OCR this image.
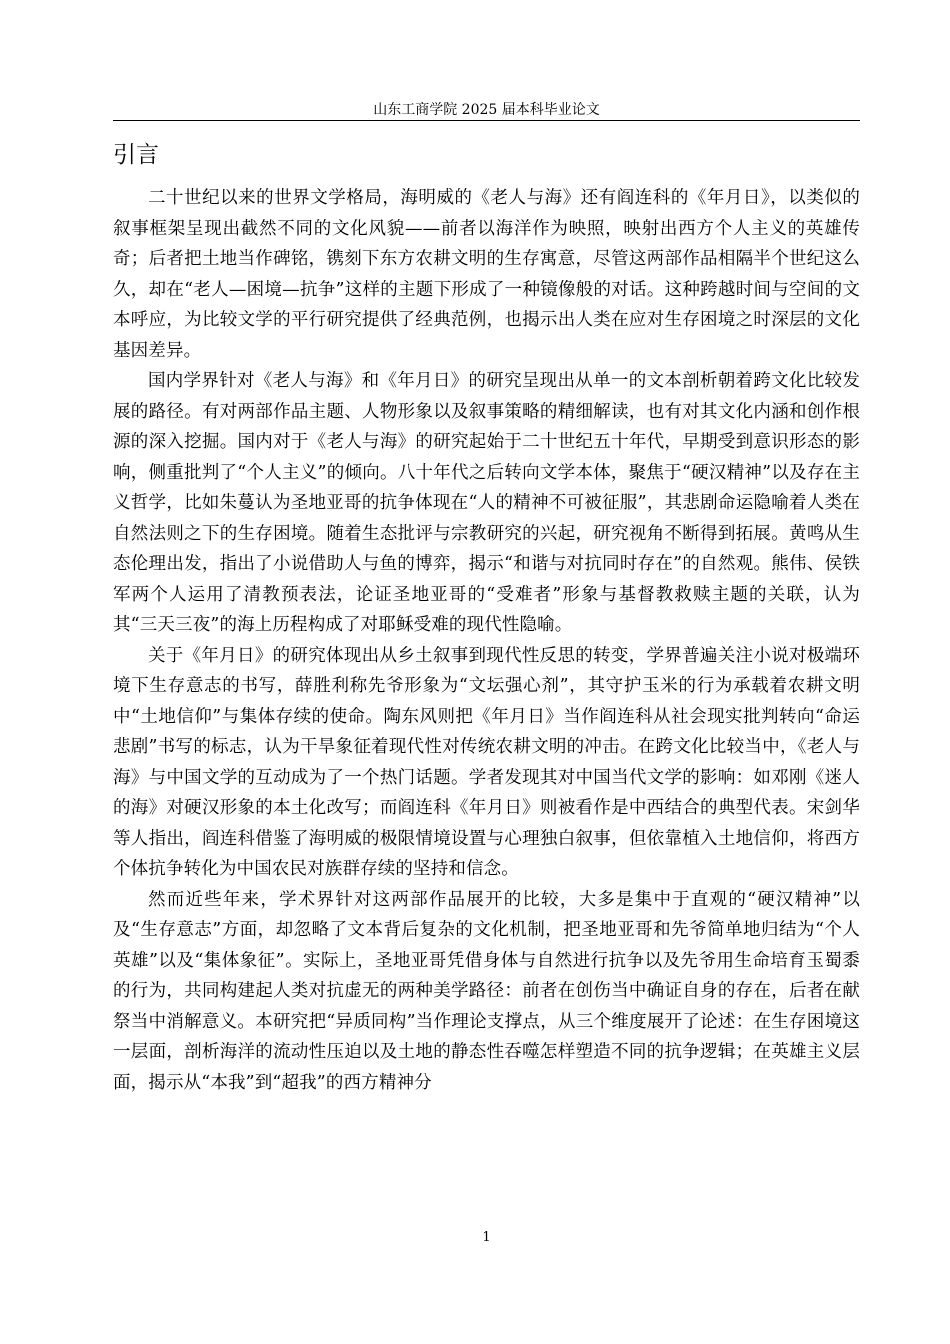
山东工商学院 2025 届本科毕业论文
引言

二十世纪以来的世界文学格局，海明威的《老人与海》还有阎连科的《年月日》，以类似的叙事框架呈现出截然不同的文化风貌——前者以海洋作为映照，映射出西方个人主义的英雄传奇；后者把土地当作碑铭，镌刻下东方农耕文明的生存寓意，尽管这两部作品相隔半个世纪这么久，却在“老人—困境—抗争”这样的主题下形成了一种镜像般的对话。这种跨越时间与空间的文本呼应，为比较文学的平行研究提供了经典范例，也揭示出人类在应对生存困境之时深层的文化基因差异。

国内学界针对《老人与海》和《年月日》的研究呈现出从单一的文本剖析朝着跨文化比较发展的路径。有对两部作品主题、人物形象以及叙事策略的精细解读，也有对其文化内涵和创作根源的深入挖掘。国内对于《老人与海》的研究起始于二十世纪五十年代，早期受到意识形态的影响，侧重批判了“个人主义”的倾向。八十年代之后转向文学本体，聚焦于“硬汉精神”以及存在主义哲学，比如朱蔓认为圣地亚哥的抗争体现在“人的精神不可被征服”，其悲剧命运隐喻着人类在自然法则之下的生存困境。随着生态批评与宗教研究的兴起，研究视角不断得到拓展。黄鸣从生态伦理出发，指出了小说借助人与鱼的博弈，揭示“和谐与对抗同时存在”的自然观。熊伟、侯铁军两个人运用了清教预表法，论证圣地亚哥的“受难者”形象与基督教救赎主题的关联，认为其“三天三夜”的海上历程构成了对耶稣受难的现代性隐喻。

关于《年月日》的研究体现出从乡土叙事到现代性反思的转变，学界普遍关注小说对极端环境下生存意志的书写，薛胜利称先爷形象为“文坛强心剂”，其守护玉米的行为承载着农耕文明中“土地信仰”与集体存续的使命。陶东风则把《年月日》当作阎连科从社会现实批判转向“命运悲剧”书写的标志，认为干旱象征着现代性对传统农耕文明的冲击。在跨文化比较当中，《老人与海》与中国文学的互动成为了一个热门话题。学者发现其对中国当代文学的影响：如邓刚《迷人的海》对硬汉形象的本土化改写；而阎连科《年月日》则被看作是中西结合的典型代表。宋剑华等人指出，阎连科借鉴了海明威的极限情境设置与心理独白叙事，但依靠植入土地信仰，将西方个体抗争转化为中国农民对族群存续的坚持和信念。

然而近些年来，学术界针对这两部作品展开的比较，大多是集中于直观的“硬汉精神”以及“生存意志”方面，却忽略了文本背后复杂的文化机制，把圣地亚哥和先爷简单地归结为“个人英雄”以及“集体象征”。实际上，圣地亚哥凭借身体与自然进行抗争以及先爷用生命培育玉蜀黍的行为，共同构建起人类对抗虚无的两种美学路径：前者在创伤当中确证自身的存在，后者在献祭当中消解意义。本研究把“异质同构”当作理论支撑点，从三个维度展开了论述：在生存困境这一层面，剖析海洋的流动性压迫以及土地的静态性吞噬怎样塑造不同的抗争逻辑；在英雄主义层面，揭示从“本我”到“超我”的西方精神分

1
